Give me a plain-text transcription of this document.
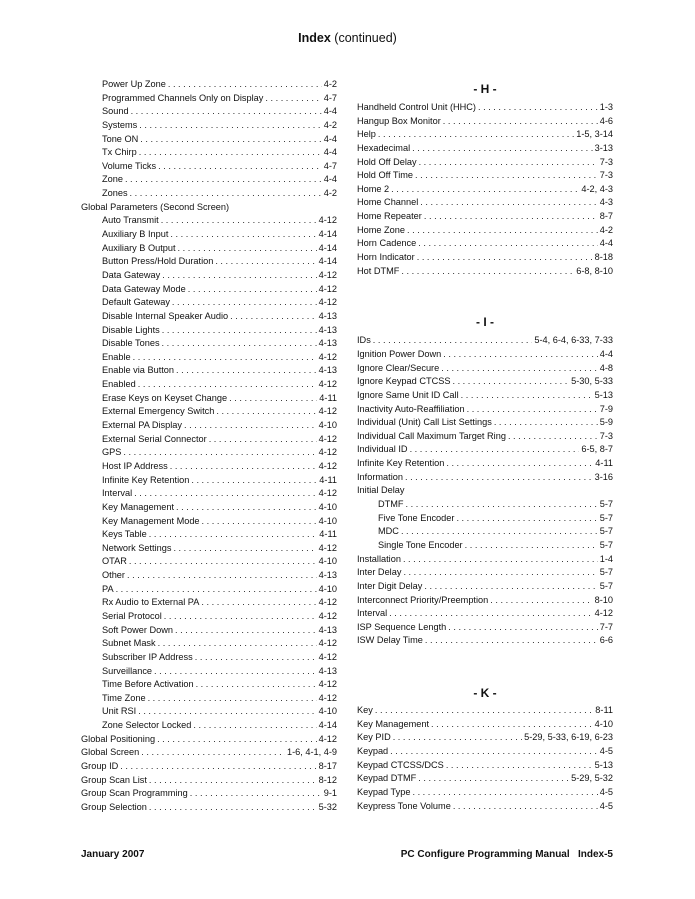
Index (continued)
Power Up Zone . . .	4-2
Programmed Channels Only on Display . . .	4-7
Sound . . .	4-4
Systems . . .	4-2
Tone ON . . .	4-4
Tx Chirp . . .	4-4
Volume Ticks . . .	4-7
Zone . . .	4-4
Zones . . .	4-2
Global Parameters (Second Screen)
Auto Transmit . . .	4-12
Auxiliary B Input . . .	4-14
Auxiliary B Output . . .	4-14
Button Press/Hold Duration . . .	4-14
Data Gateway . . .	4-12
Data Gateway Mode . . .	4-12
Default Gateway . . .	4-12
Disable Internal Speaker Audio . . .	4-13
Disable Lights . . .	4-13
Disable Tones . . .	4-13
Enable . . .	4-12
Enable via Button . . .	4-13
Enabled . . .	4-12
Erase Keys on Keyset Change . . .	4-11
External Emergency Switch . . .	4-12
External PA Display . . .	4-10
External Serial Connector . . .	4-12
GPS . . .	4-12
Host IP Address . . .	4-12
Infinite Key Retention . . .	4-11
Interval . . .	4-12
Key Management . . .	4-10
Key Management Mode . . .	4-10
Keys Table . . .	4-11
Network Settings . . .	4-12
OTAR . . .	4-10
Other . . .	4-13
PA . . .	4-10
Rx Audio to External PA . . .	4-12
Serial Protocol . . .	4-12
Soft Power Down . . .	4-13
Subnet Mask . . .	4-12
Subscriber IP Address . . .	4-12
Surveillance . . .	4-13
Time Before Activation . . .	4-12
Time Zone . . .	4-12
Unit RSI . . .	4-10
Zone Selector Locked . . .	4-14
Global Positioning . . .	4-12
Global Screen . . .	1-6, 4-1, 4-9
Group ID . . .	8-17
Group Scan List . . .	8-12
Group Scan Programming . . .	9-1
Group Selection . . .	5-32
- H -
Handheld Control Unit (HHC) . . .	1-3
Hangup Box Monitor . . .	4-6
Help . . .	1-5, 3-14
Hexadecimal . . .	3-13
Hold Off Delay . . .	7-3
Hold Off Time . . .	7-3
Home 2 . . .	4-2, 4-3
Home Channel . . .	4-3
Home Repeater . . .	8-7
Home Zone . . .	4-2
Horn Cadence . . .	4-4
Horn Indicator . . .	8-18
Hot DTMF . . .	6-8, 8-10
- I -
IDs . . .	5-4, 6-4, 6-33, 7-33
Ignition Power Down . . .	4-4
Ignore Clear/Secure . . .	4-8
Ignore Keypad CTCSS . . .	5-30, 5-33
Ignore Same Unit ID Call . . .	5-13
Inactivity Auto-Reaffiliation . . .	7-9
Individual (Unit) Call List Settings . . .	5-9
Individual Call Maximum Target Ring . . .	7-3
Individual ID . . .	6-5, 8-7
Infinite Key Retention . . .	4-11
Information . . .	3-16
Initial Delay
DTMF . . .	5-7
Five Tone Encoder . . .	5-7
MDC . . .	5-7
Single Tone Encoder . . .	5-7
Installation . . .	1-4
Inter Delay . . .	5-7
Inter Digit Delay . . .	5-7
Interconnect Priority/Preemption . . .	8-10
Interval . . .	4-12
ISP Sequence Length . . .	7-7
ISW Delay Time . . .	6-6
- K -
Key . . .	8-11
Key Management . . .	4-10
Key PID . . .	5-29, 5-33, 6-19, 6-23
Keypad . . .	4-5
Keypad CTCSS/DCS . . .	5-13
Keypad DTMF . . .	5-29, 5-32
Keypad Type . . .	4-5
Keypress Tone Volume . . .	4-5
January 2007	PC Configure Programming Manual   Index-5
